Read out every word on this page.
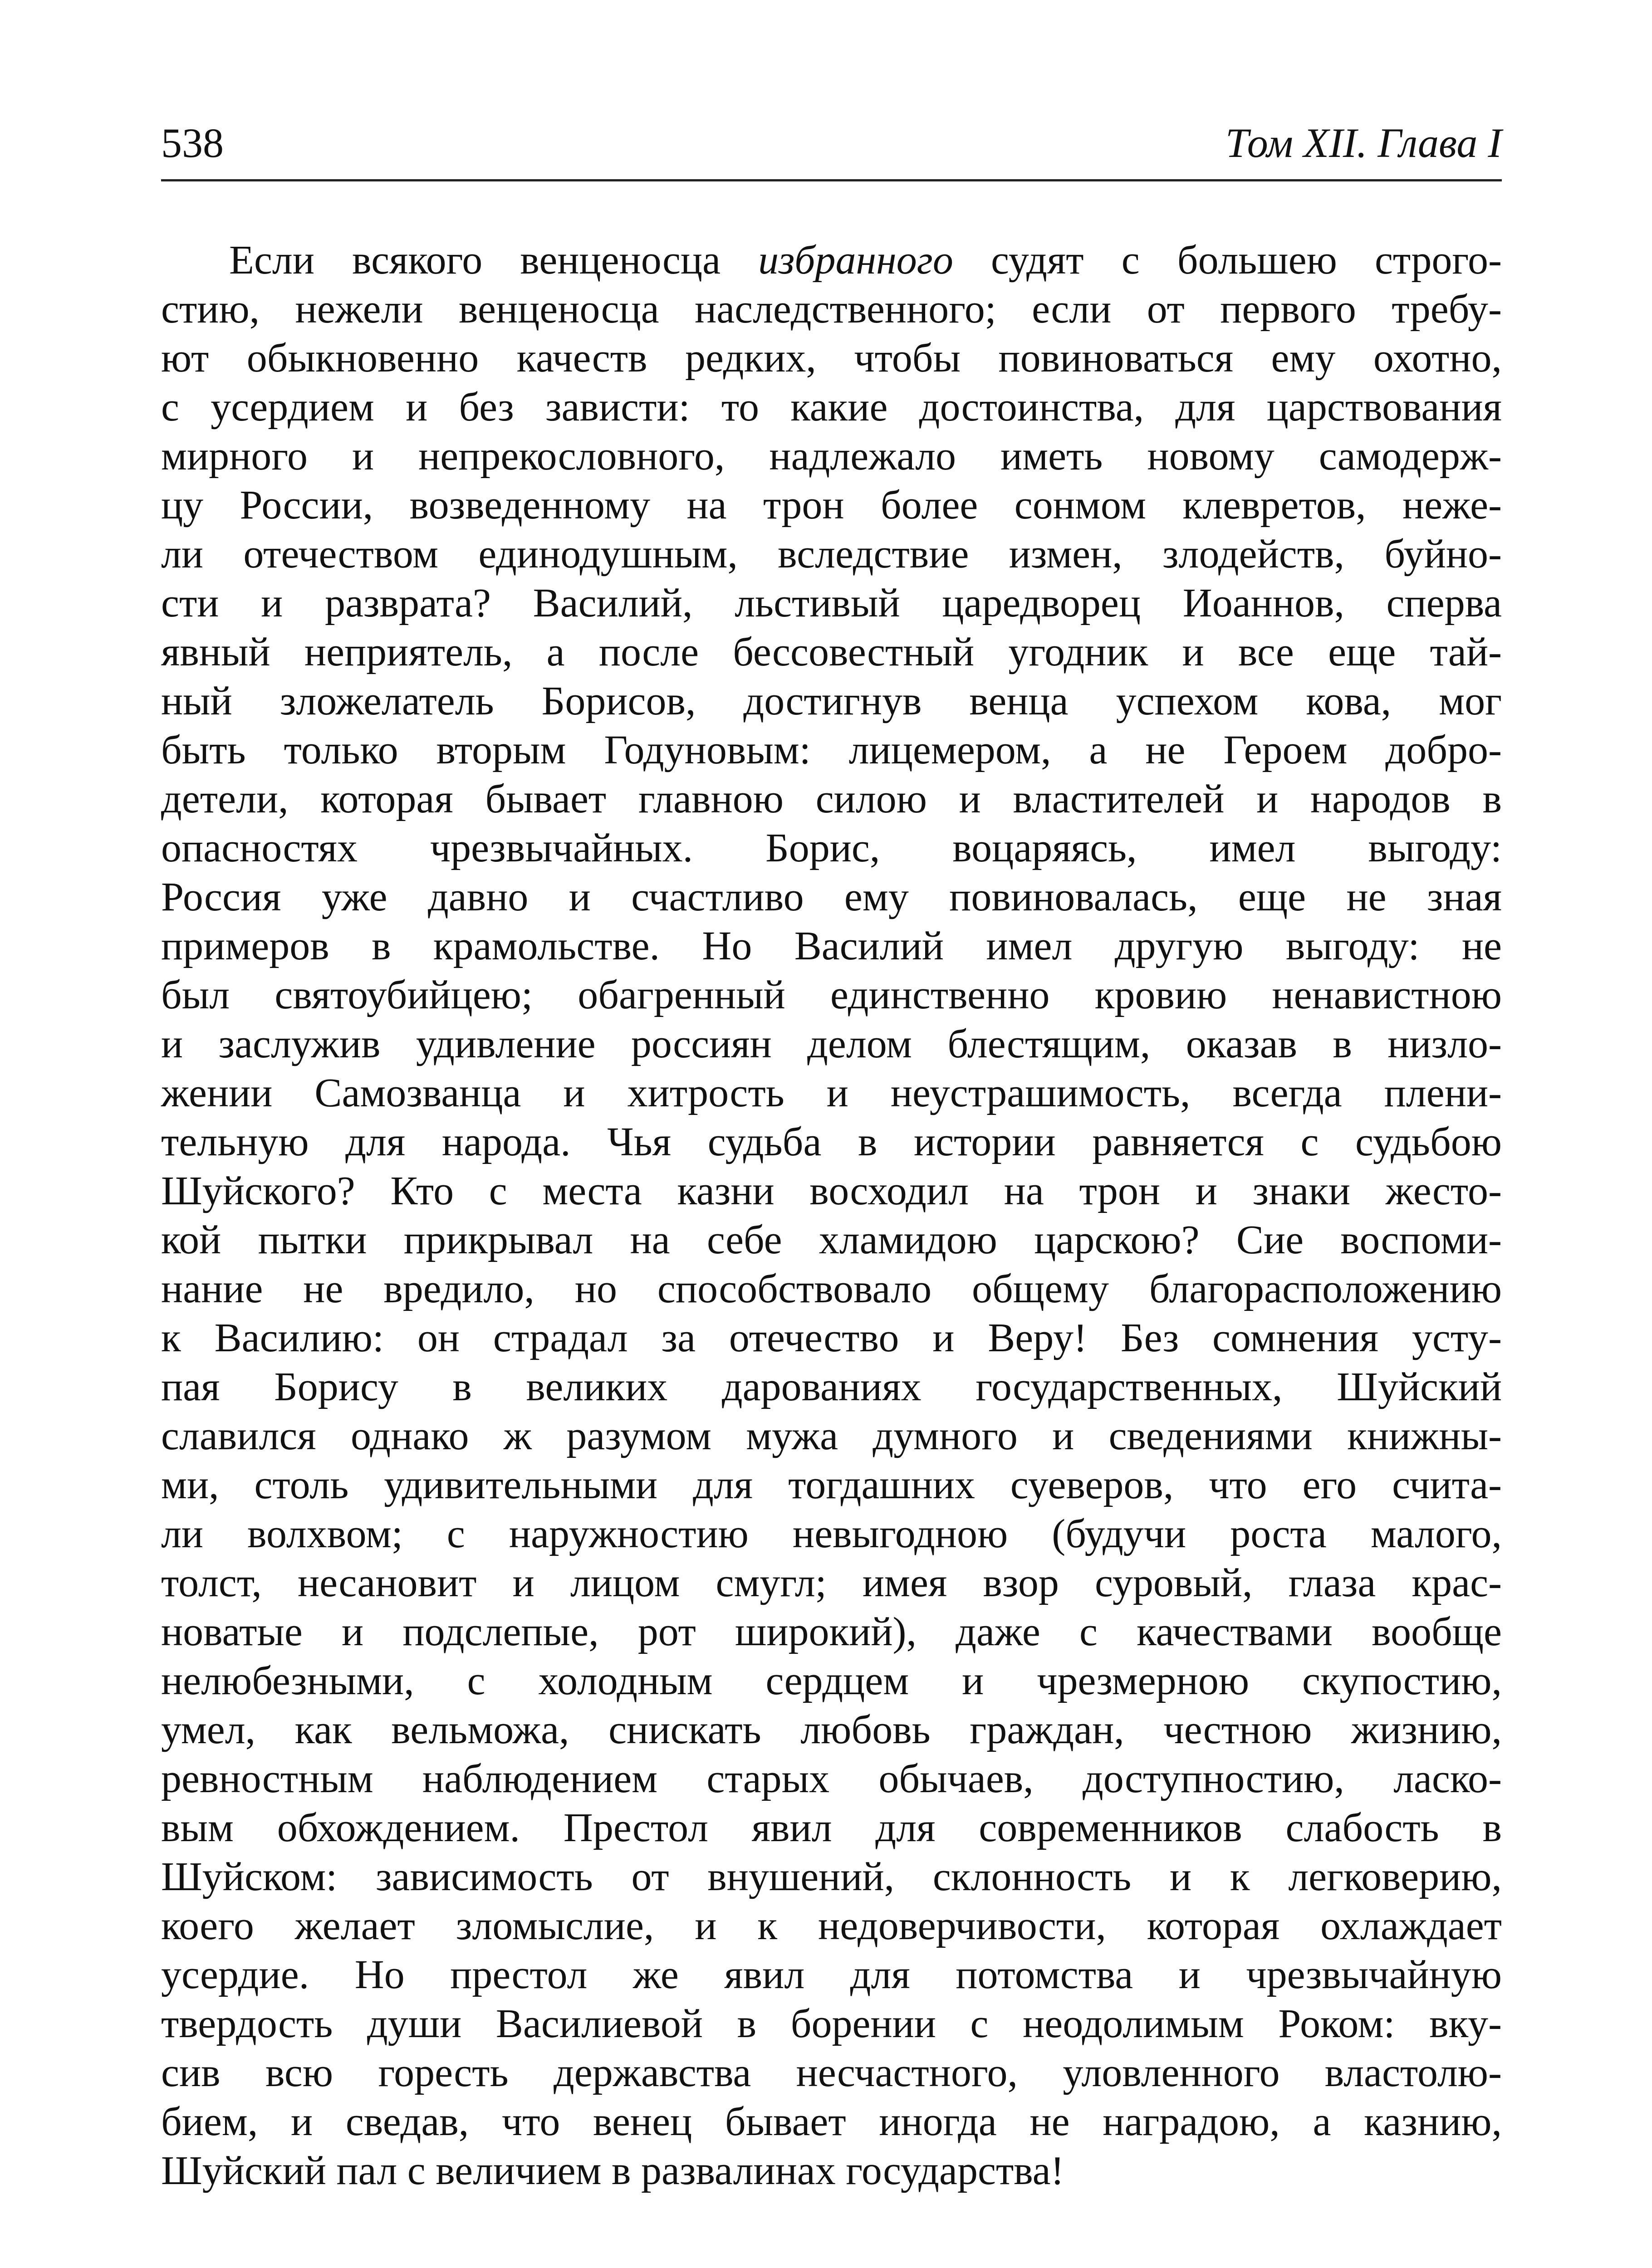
538	Том XII. Глава I
Если всякого венценосца избранного судят с большею строго-
стию, нежели венценосца наследственного; если от первого требу-
ют обыкновенно качеств редких, чтобы повиноваться ему охотно,
с усердием и без зависти: то какие достоинства, для царствования
мирного и непрекословного, надлежало иметь новому самодерж-
цу России, возведенному на трон более сонмом клевретов, неже-
ли отечеством единодушным, вследствие измен, злодейств, буйно-
сти и разврата? Василий, льстивый царедворец Иоаннов, сперва
явный неприятель, а после бессовестный угодник и все еще тай-
ный зложелатель Борисов, достигнув венца успехом кова, мог
быть только вторым Годуновым: лицемером, а не Героем добро-
детели, которая бывает главною силою и властителей и народов в
опасностях чрезвычайных. Борис, воцаряясь, имел выгоду:
Россия уже давно и счастливо ему повиновалась, еще не зная
примеров в крамольстве. Но Василий имел другую выгоду: не
был святоубийцею; обагренный единственно кровию ненавистною
и заслужив удивление россиян делом блестящим, оказав в низло-
жении Самозванца и хитрость и неустрашимость, всегда плени-
тельную для народа. Чья судьба в истории равняется с судьбою
Шуйского? Кто с места казни восходил на трон и знаки жесто-
кой пытки прикрывал на себе хламидою царскою? Сие воспоми-
нание не вредило, но способствовало общему благорасположению
к Василию: он страдал за отечество и Веру! Без сомнения усту-
пая Борису в великих дарованиях государственных, Шуйский
славился однако ж разумом мужа думного и сведениями книжны-
ми, столь удивительными для тогдашних суеверов, что его счита-
ли волхвом; с наружностию невыгодною (будучи роста малого,
толст, несановит и лицом смугл; имея взор суровый, глаза крас-
новатые и подслепые, рот широкий), даже с качествами вообще
нелюбезными, с холодным сердцем и чрезмерною скупостию,
умел, как вельможа, снискать любовь граждан, честною жизнию,
ревностным наблюдением старых обычаев, доступностию, ласко-
вым обхождением. Престол явил для современников слабость в
Шуйском: зависимость от внушений, склонность и к легковерию,
коего желает зломыслие, и к недоверчивости, которая охлаждает
усердие. Но престол же явил для потомства и чрезвычайную
твердость души Василиевой в борении с неодолимым Роком: вку-
сив всю горесть державства несчастного, уловленного властолю-
бием, и сведав, что венец бывает иногда не наградою, а казнию,
Шуйский пал с величием в развалинах государства!
